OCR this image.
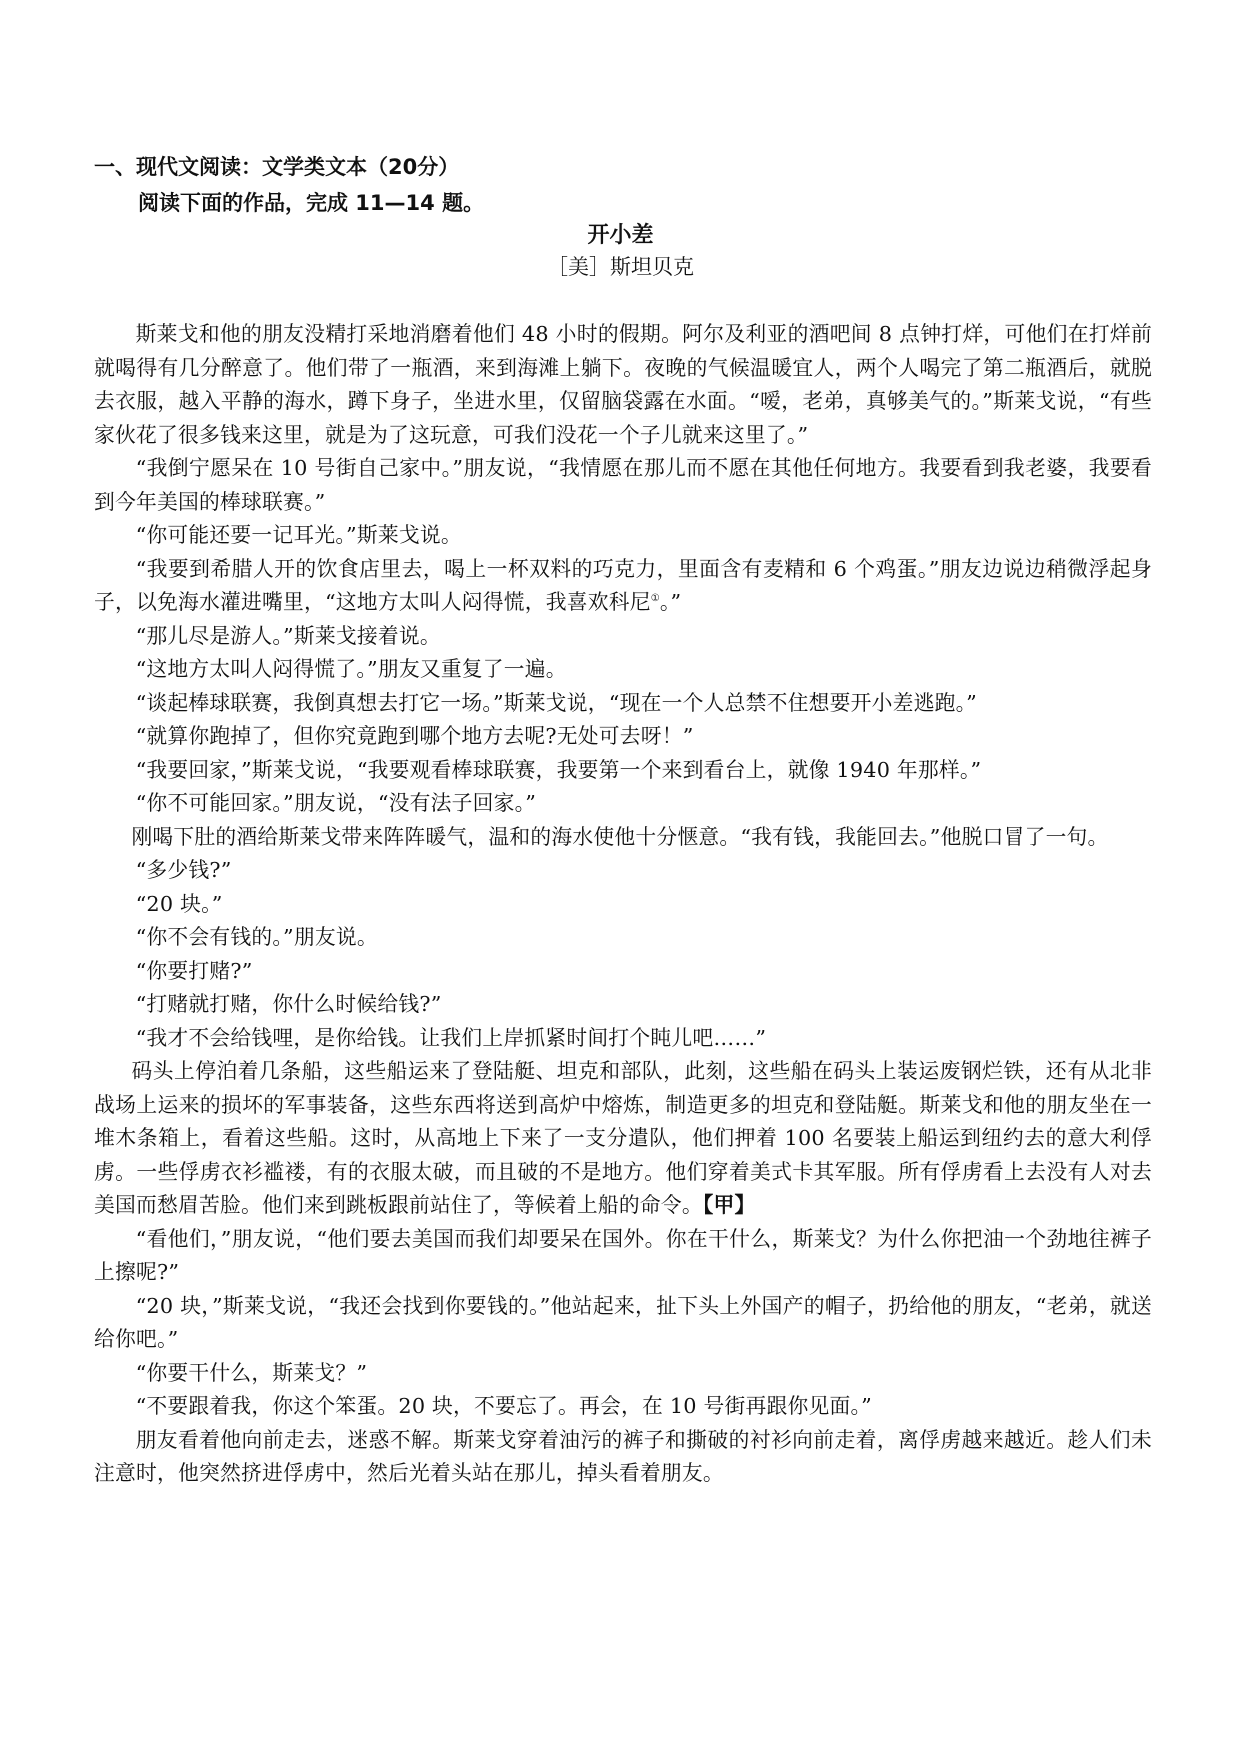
一、现代文阅读：文学类文本（20分）

阅读下面的作品，完成 11—14 题。

开小差

［美］斯坦贝克

斯莱戈和他的朋友没精打采地消磨着他们 48 小时的假期。阿尔及利亚的酒吧间 8 点钟打烊，可他们在打烊前就喝得有几分醉意了。他们带了一瓶酒，来到海滩上躺下。夜晚的气候温暖宜人，两个人喝完了第二瓶酒后，就脱去衣服，越入平静的海水，蹲下身子，坐进水里，仅留脑袋露在水面。“嗳，老弟，真够美气的。”斯莱戈说，“有些家伙花了很多钱来这里，就是为了这玩意，可我们没花一个子儿就来这里了。”

“我倒宁愿呆在 10 号街自己家中。”朋友说，“我情愿在那儿而不愿在其他任何地方。我要看到我老婆，我要看到今年美国的棒球联赛。”

“你可能还要一记耳光。”斯莱戈说。

“我要到希腊人开的饮食店里去，喝上一杯双料的巧克力，里面含有麦精和 6 个鸡蛋。”朋友边说边稍微浮起身子，以免海水灌进嘴里，“这地方太叫人闷得慌，我喜欢科尼①。”

“那儿尽是游人。”斯莱戈接着说。

“这地方太叫人闷得慌了。”朋友又重复了一遍。

“谈起棒球联赛，我倒真想去打它一场。”斯莱戈说，“现在一个人总禁不住想要开小差逃跑。”

“就算你跑掉了，但你究竟跑到哪个地方去呢?无处可去呀！”

“我要回家，”斯莱戈说，“我要观看棒球联赛，我要第一个来到看台上，就像 1940 年那样。”

“你不可能回家。”朋友说，“没有法子回家。”

刚喝下肚的酒给斯莱戈带来阵阵暖气，温和的海水使他十分惬意。“我有钱，我能回去。”他脱口冒了一句。

“多少钱?”

“20 块。”

“你不会有钱的。”朋友说。

“你要打赌?”

“打赌就打赌，你什么时候给钱?”

“我才不会给钱哩，是你给钱。让我们上岸抓紧时间打个盹儿吧……”

码头上停泊着几条船，这些船运来了登陆艇、坦克和部队，此刻，这些船在码头上装运废钢烂铁，还有从北非战场上运来的损坏的军事装备，这些东西将送到高炉中熔炼，制造更多的坦克和登陆艇。斯莱戈和他的朋友坐在一堆木条箱上，看着这些船。这时，从高地上下来了一支分遣队，他们押着 100 名要装上船运到纽约去的意大利俘虏。一些俘虏衣衫褴褛，有的衣服太破，而且破的不是地方。他们穿着美式卡其军服。所有俘虏看上去没有人对去美国而愁眉苦脸。他们来到跳板跟前站住了，等候着上船的命令。【甲】

“看他们，”朋友说，“他们要去美国而我们却要呆在国外。你在干什么，斯莱戈？为什么你把油一个劲地往裤子上擦呢?”

“20 块，”斯莱戈说，“我还会找到你要钱的。”他站起来，扯下头上外国产的帽子，扔给他的朋友，“老弟，就送给你吧。”

“你要干什么，斯莱戈？”

“不要跟着我，你这个笨蛋。20 块，不要忘了。再会，在 10 号街再跟你见面。”

朋友看着他向前走去，迷惑不解。斯莱戈穿着油污的裤子和撕破的衬衫向前走着，离俘虏越来越近。趁人们未注意时，他突然挤进俘虏中，然后光着头站在那儿，掉头看着朋友。
